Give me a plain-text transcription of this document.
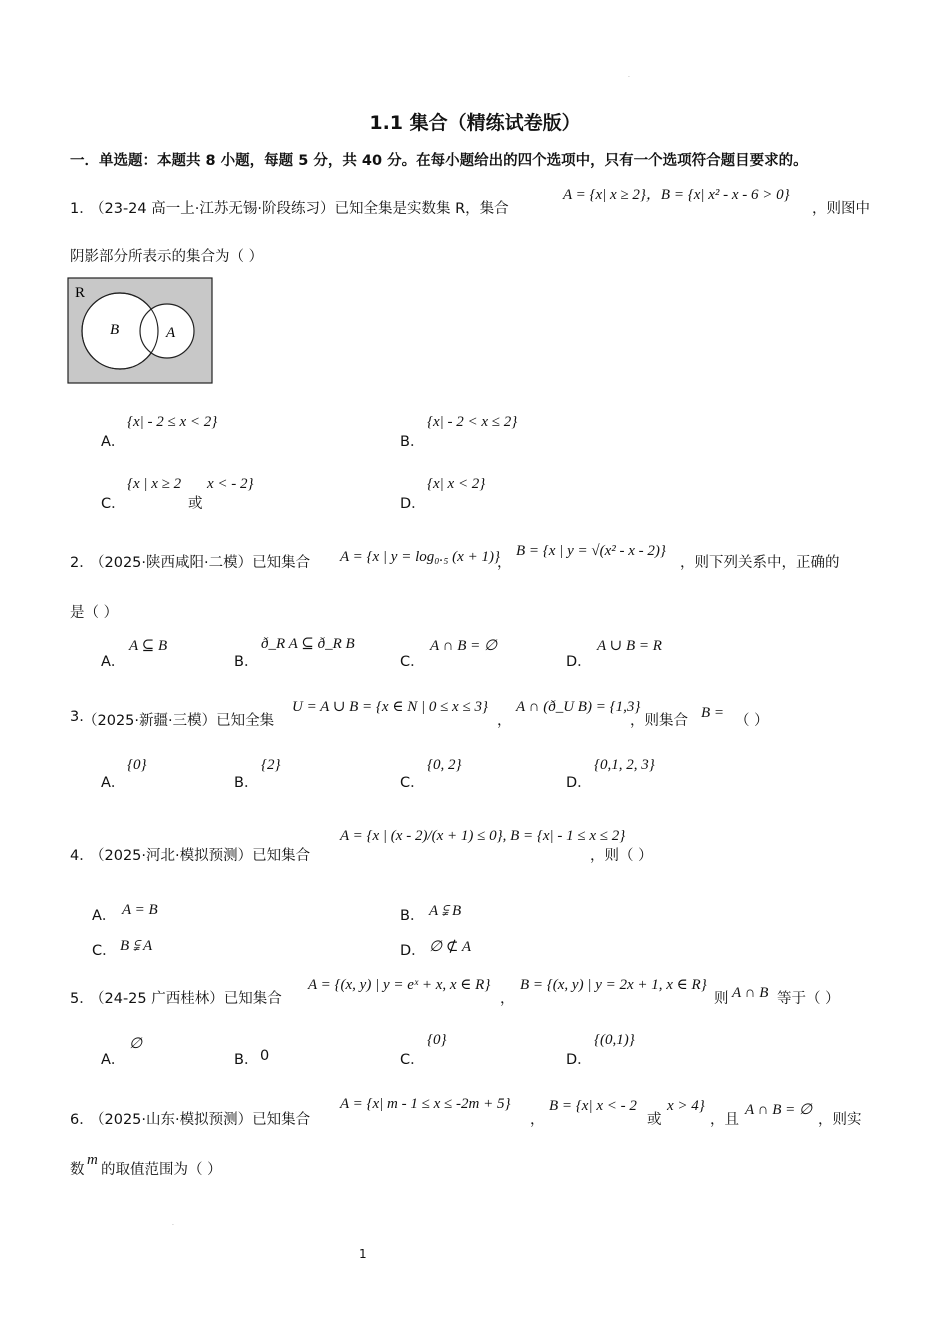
·
·
1.1 集合（精练试卷版）
一．单选题：本题共 8 小题，每题 5 分，共 40 分。在每小题给出的四个选项中，只有一个选项符合题目要求的。
1．
（23-24 高一上·江苏无锡·阶段练习）已知全集是实数集 R，集合
A = {x| x ≥ 2}，B = {x| x² - x - 6 > 0}
，则图中
阴影部分所表示的集合为（ ）
R
B	A
A．
{x| - 2 ≤ x < 2}
B．
{x| - 2 < x ≤ 2}
C．
{x | x ≥ 2
或
x < - 2}
D．
{x| x < 2}
2．
（2025·陕西咸阳·二模）已知集合 A = {x | y = log₀.₅ (x + 1)}
，
B = {x | y = √(x² - x - 2)}
，则下列关系中，正确的
是（ ）
A．
A ⊆ B
B．
ð_R A ⊆ ð_R B
C．
A ∩ B = ∅
D．
A ∪ B = R
3. （2025·新疆·三模）已知全集
U = A ∪ B = {x ∈ N | 0 ≤ x ≤ 3}
，
A ∩ (ð_U B) = {1,3}
，则集合 B = （ ）
A．
{0}
B．
{2}
C．
{0, 2}
D．
{0,1, 2, 3}
4．
（2025·河北·模拟预测）已知集合
A = {x | (x - 2)/(x + 1) ≤ 0}, B = {x| - 1 ≤ x ≤ 2}
，则（ ）
A． A = B	B． A ⫋ B
C． B ⫋ A	D． ∅ ⊄ A
5．
（24-25 广西桂林）已知集合
A = {(x, y) | y = eˣ + x, x ∈ R}
，
B = {(x, y) | y = 2x + 1, x ∈ R}
则 A ∩ B 等于（ ）
A．
∅
B． 0	C．
{0}
D．
{(0,1)}
6．
（2025·山东·模拟预测）已知集合
A = {x| m - 1 ≤ x ≤ -2m + 5}
，
B = {x| x < - 2
或
x > 4}
，且
A ∩ B = ∅
，则实
数
m
的取值范围为（ ）
1
